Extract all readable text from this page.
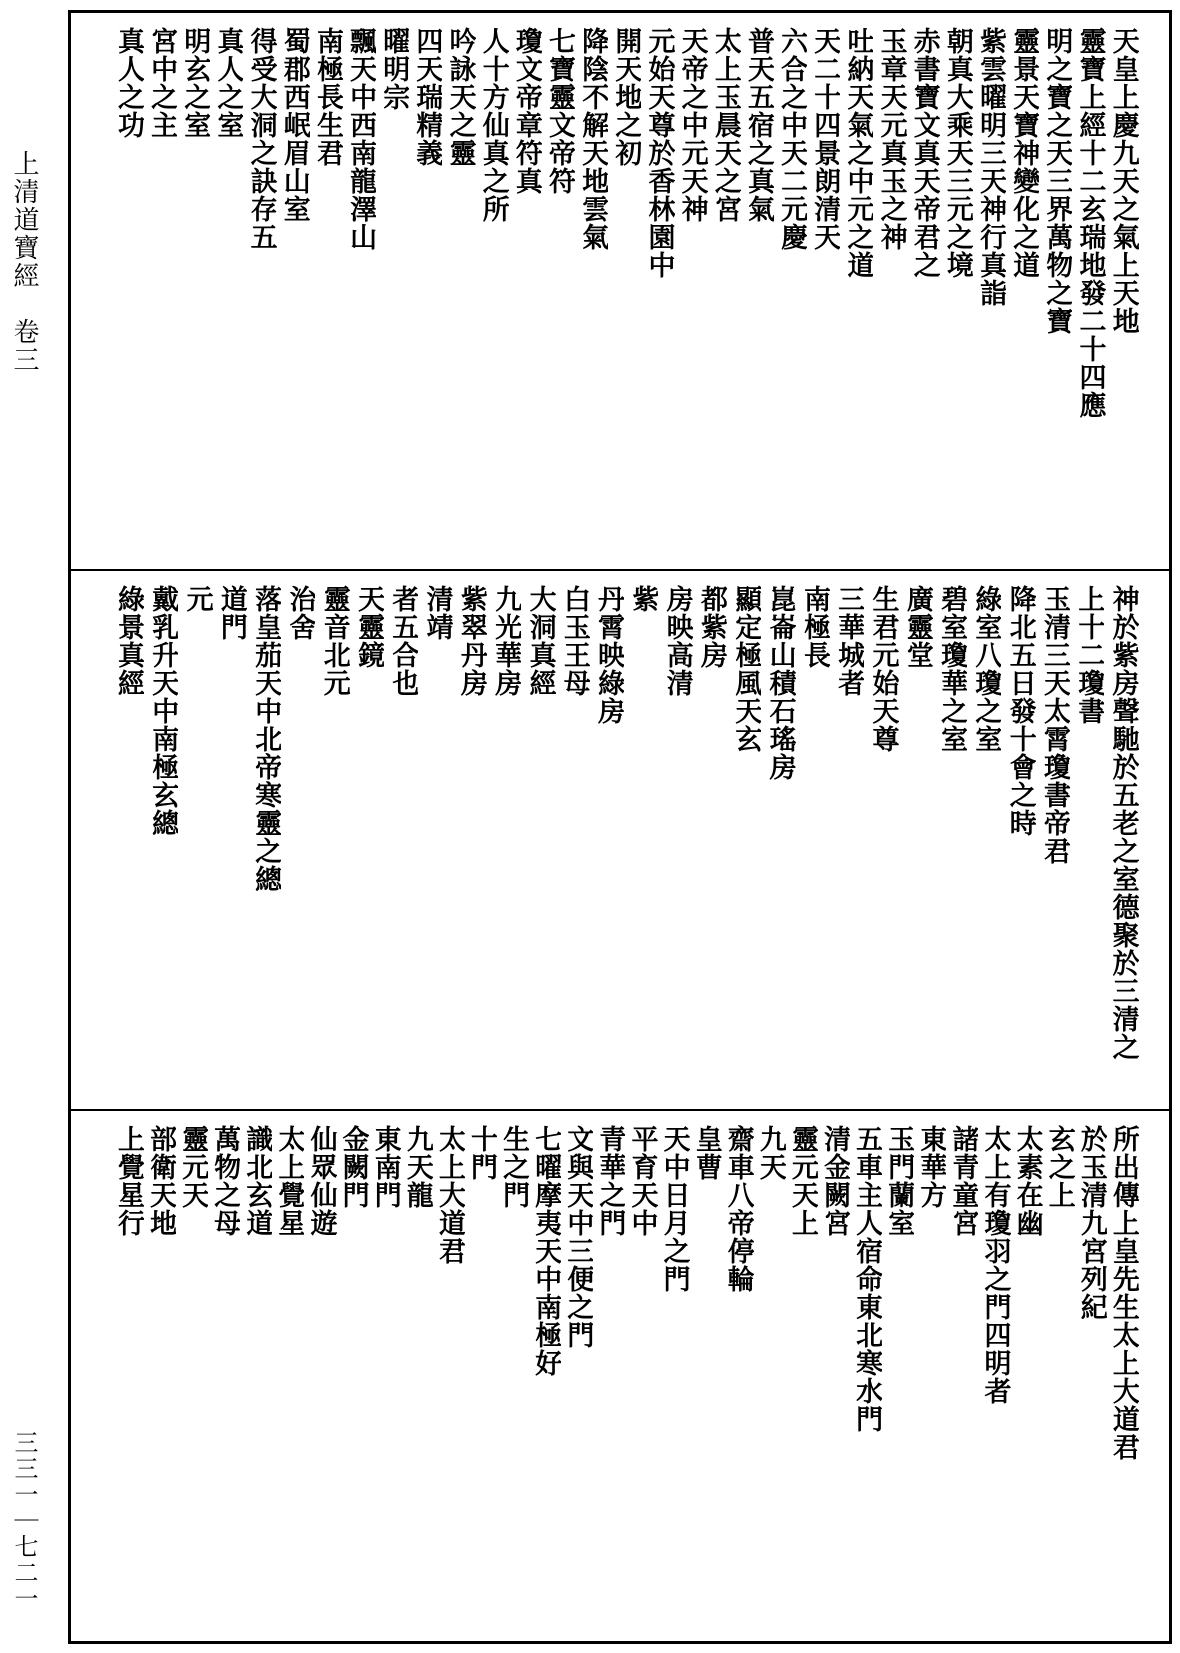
上清道寶經　卷三
三三一｜七二一
天皇上慶九天之氣上天地
靈寶上經十二玄瑞地發二十四應
明之寶之天三界萬物之寶
靈景天寶神變化之道
紫雲曜明三天神行真詣
朝真大乘天三元之境
赤書寶文真天帝君之
玉章天元真玉之神
吐納天氣之中元之道
天二十四景朗清天
六合之中天二元慶
普天五宿之真氣
太上玉晨天之宮
天帝之中元天神
元始天尊於香林園中
開天地之初
降陰不解天地雲氣
七寶靈文帝符
瓊文帝章符真
人十方仙真之所
吟詠天之靈
四天瑞精義
曜明宗
飄天中西南龍澤山
南極長生君
蜀郡西岷眉山室
得受大洞之訣存五
真人之室
明玄之室
宮中之主
真人之功
神於紫房聲馳於五老之室德聚於三清之
上十二瓊書
玉清三天太霄瓊書帝君
降北五日發十會之時
綠室八瓊之室
碧室瓊華之室
廣靈堂
生君元始天尊
三華城者
南極長
崑崙山積石瑤房
顯定極風天玄
都紫房
房映高清
紫
丹霄映綠房
白玉王母
大洞真經
九光華房
紫翠丹房
清靖
者五合也
天靈鏡
靈音北元
治舍
落皇茄天中北帝寒靈之總
道門
元
戴乳升天中南極玄總
綠景真經
所出傳上皇先生太上大道君
於玉清九宮列紀
玄之上
太素在幽
太上有瓊羽之門四明者
諸青童宮
東華方
玉門蘭室
五車主人宿命東北寒水門
清金闕宮
靈元天上
九天
齋車八帝停輪
皇曹
天中日月之門
平育天中
青華之門
文與天中三便之門
七曜摩夷天中南極好
生之門
十門
太上大道君
九天龍
東南門
金闕門
仙眾仙遊
太上覺星
識北玄道
萬物之母
靈元天
部衛天地
上覺星行
